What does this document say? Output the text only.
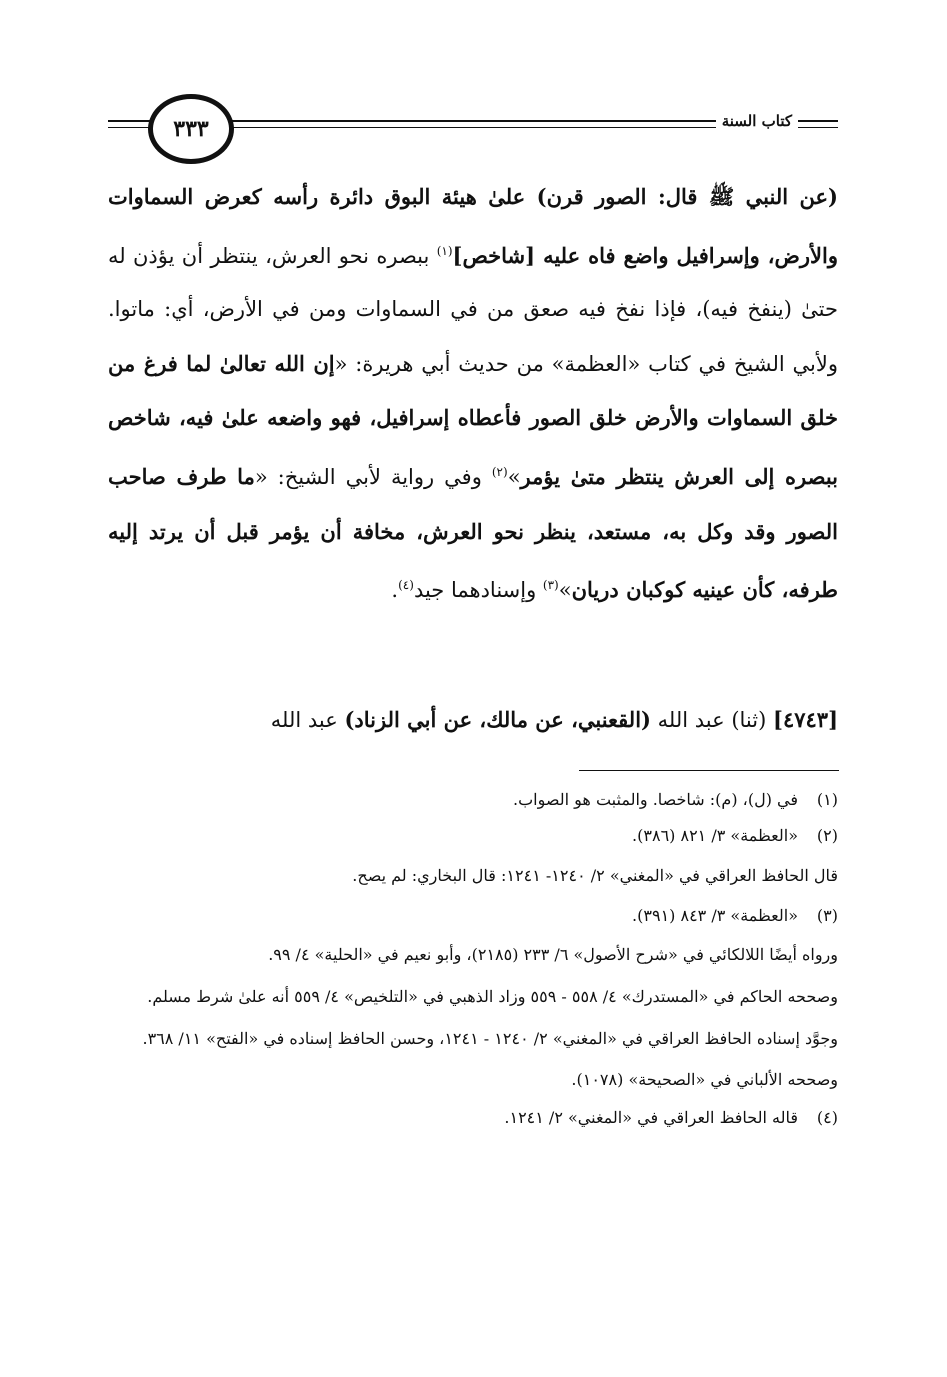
٣٣٣	كتاب السنة
(عن النبي ﷺ قال: الصور قرن) علىٰ هيئة البوق دائرة رأسه كعرض السماوات والأرض، وإسرافيل واضع فاه عليه [شاخص]$^{(١)}$ ببصره نحو العرش، ينتظر أن يؤذن له حتىٰ (ينفخ فيه)، فإذا نفخ فيه صعق من في السماوات ومن في الأرض، أي: ماتوا. ولأبي الشيخ في كتاب «العظمة» من حديث أبي هريرة: «إن الله تعالىٰ لما فرغ من خلق السماوات والأرض خلق الصور فأعطاه إسرافيل، فهو واضعه علىٰ فيه، شاخص ببصره إلى العرش ينتظر متىٰ يؤمر»$^{(٢)}$ وفي رواية لأبي الشيخ: «ما طرف صاحب الصور وقد وكل به، مستعد، ينظر نحو العرش، مخافة أن يؤمر قبل أن يرتد إليه طرفه، كأن عينيه كوكبان دريان»$^{(٣)}$ وإسنادهما جيد$^{(٤)}$.
[٤٧٤٣] (ثنا) عبد الله (القعنبي، عن مالك، عن أبي الزناد) عبد الله
(١)
في (ل)، (م): شاخصا. والمثبت هو الصواب.
(٢)
«العظمة» ٣/ ٨٢١ (٣٨٦).
قال الحافظ العراقي في «المغني» ٢/ ١٢٤٠- ١٢٤١: قال البخاري: لم يصح.
(٣)
«العظمة» ٣/ ٨٤٣ (٣٩١).
ورواه أيضًا اللالكائي في «شرح الأصول» ٦/ ٢٣٣ (٢١٨٥)، وأبو نعيم في «الحلية» ٤/ ٩٩.
وصححه الحاكم في «المستدرك» ٤/ ٥٥٨ - ٥٥٩ وزاد الذهبي في «التلخيص» ٤/ ٥٥٩ أنه علىٰ شرط مسلم.
وجوَّد إسناده الحافظ العراقي في «المغني» ٢/ ١٢٤٠ - ١٢٤١، وحسن الحافظ إسناده في «الفتح» ١١/ ٣٦٨.
وصححه الألباني في «الصحيحة» (١٠٧٨).
(٤)
قاله الحافظ العراقي في «المغني» ٢/ ١٢٤١.
